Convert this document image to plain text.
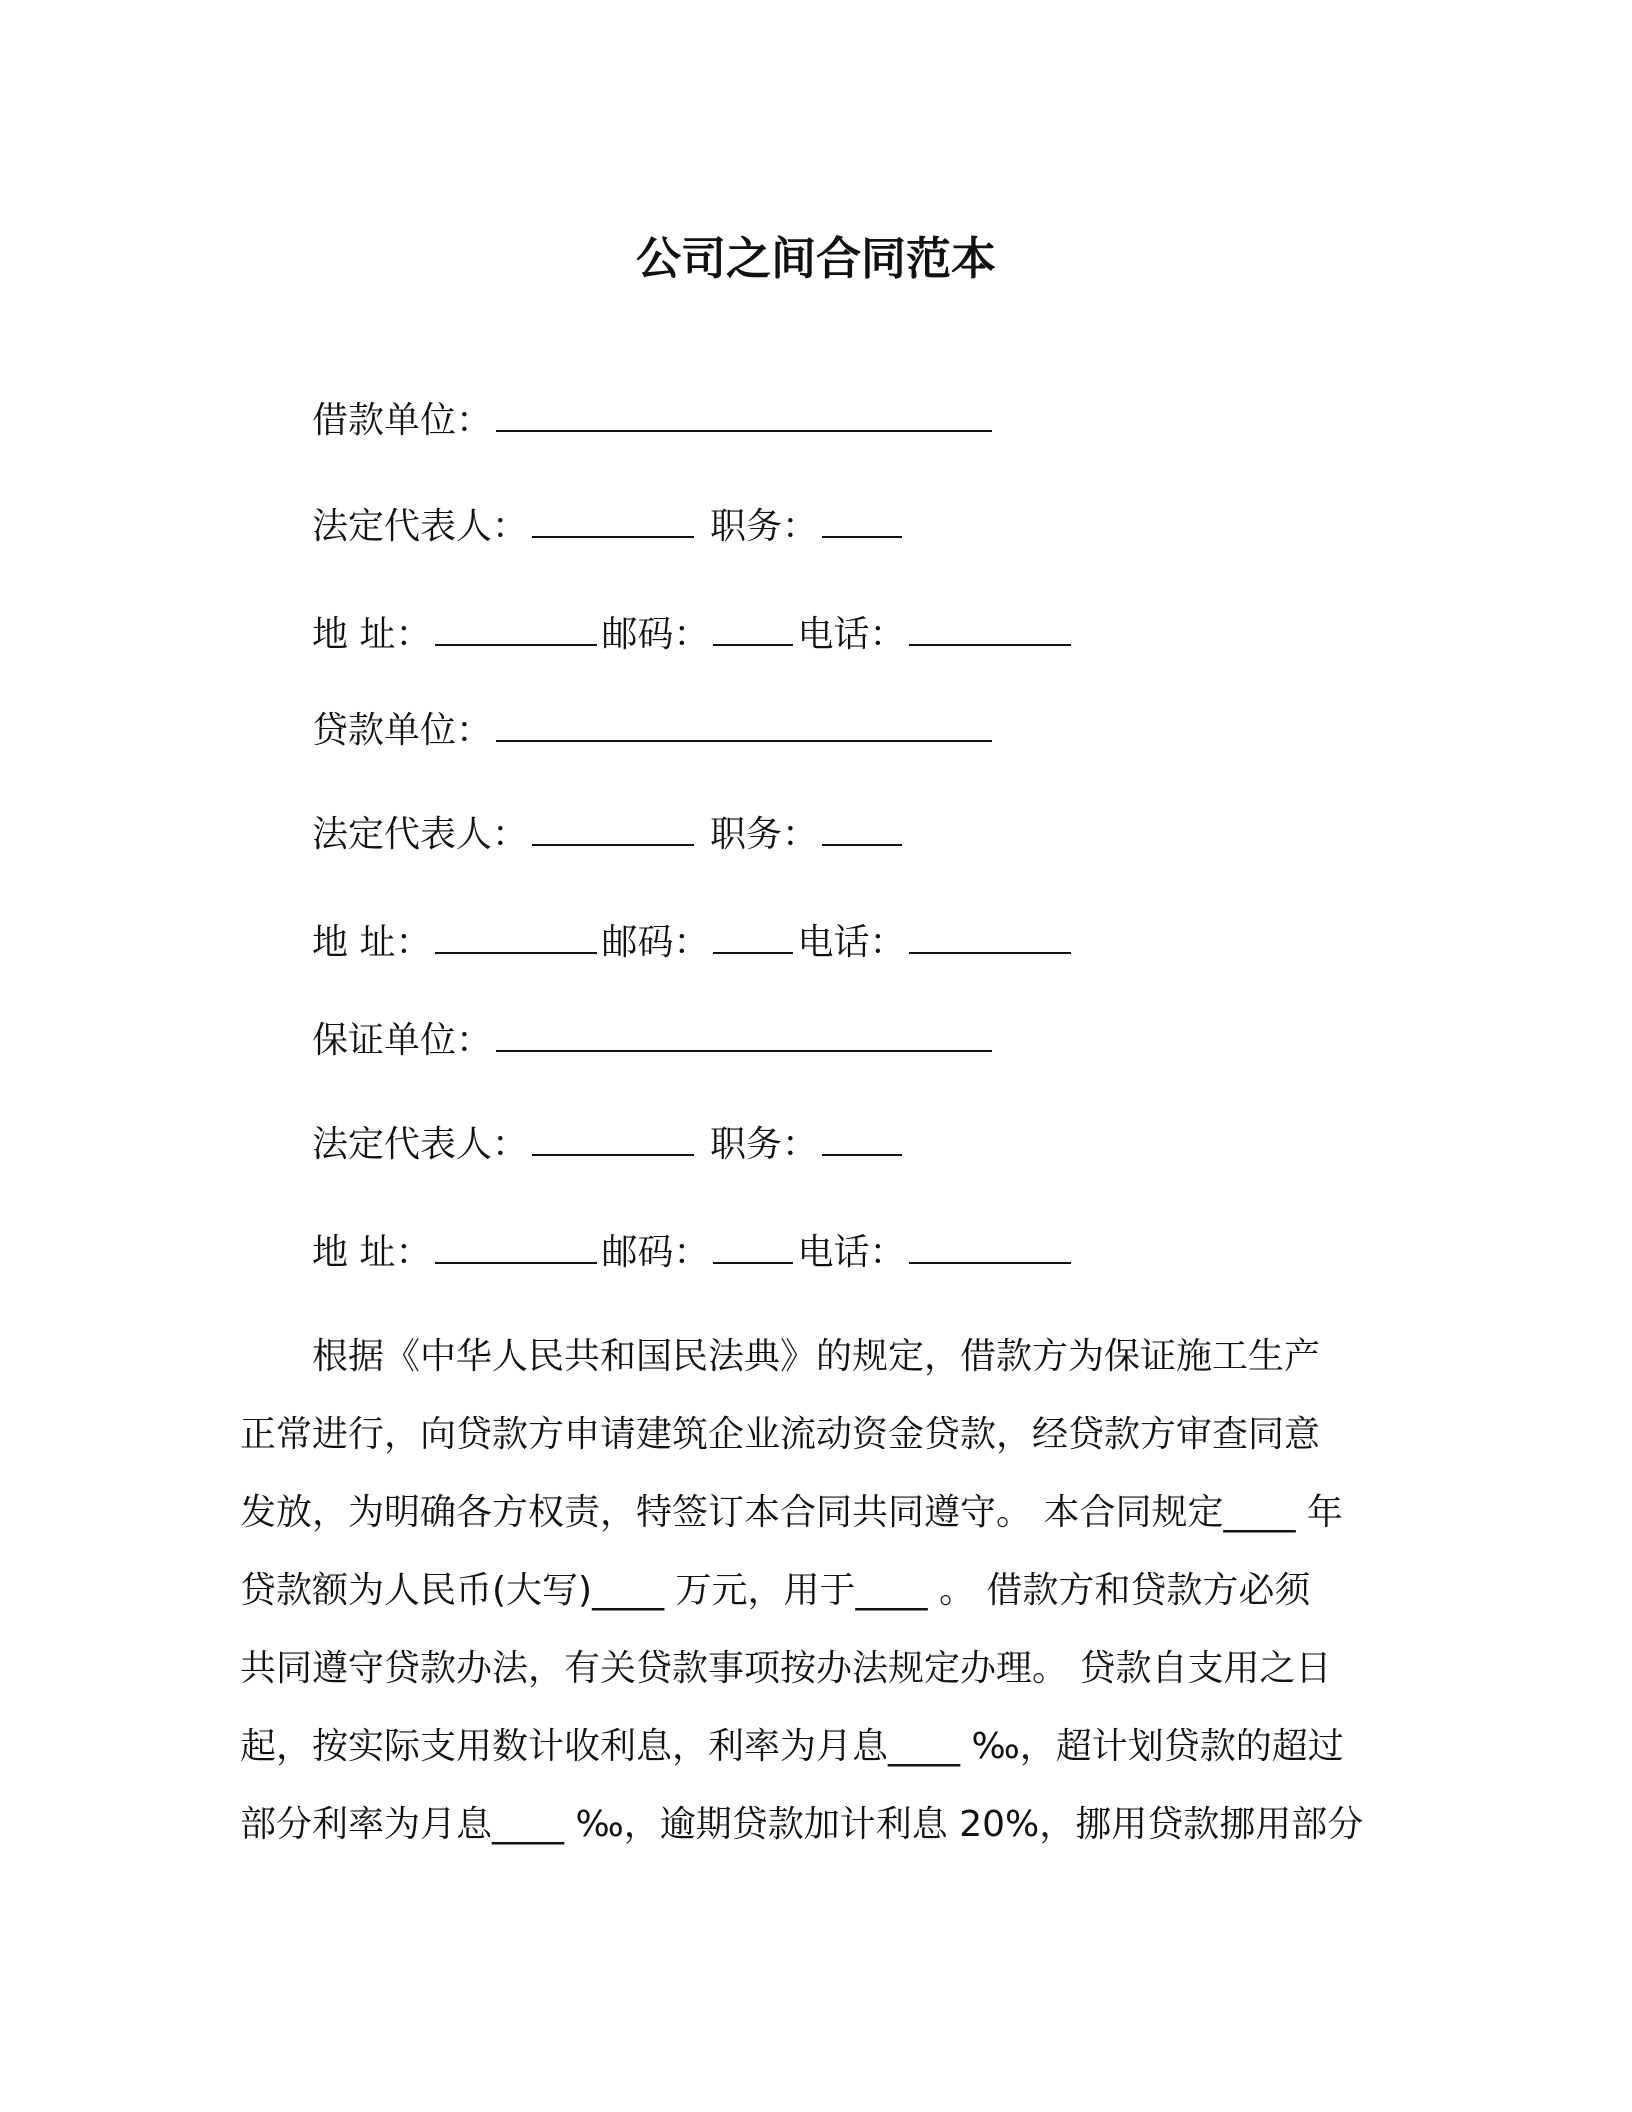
公司之间合同范本
借款单位：
法定代表人：	职务：
地 址：	邮码： 电话：
贷款单位：
法定代表人：	职务：
地 址：	邮码： 电话：
保证单位：
法定代表人：	职务：
地 址：	邮码： 电话：

根据《中华人民共和国民法典》的规定，借款方为保证施工生产

正常进行，向贷款方申请建筑企业流动资金贷款，经贷款方审查同意

发放，为明确各方权责，特签订本合同共同遵守。 本合同规定____ 年

贷款额为人民币(大写)____ 万元，用于____ 。 借款方和贷款方必须

共同遵守贷款办法，有关贷款事项按办法规定办理。 贷款自支用之日

起，按实际支用数计收利息，利率为月息____ ‰，超计划贷款的超过

部分利率为月息____ ‰，逾期贷款加计利息 20%，挪用贷款挪用部分
